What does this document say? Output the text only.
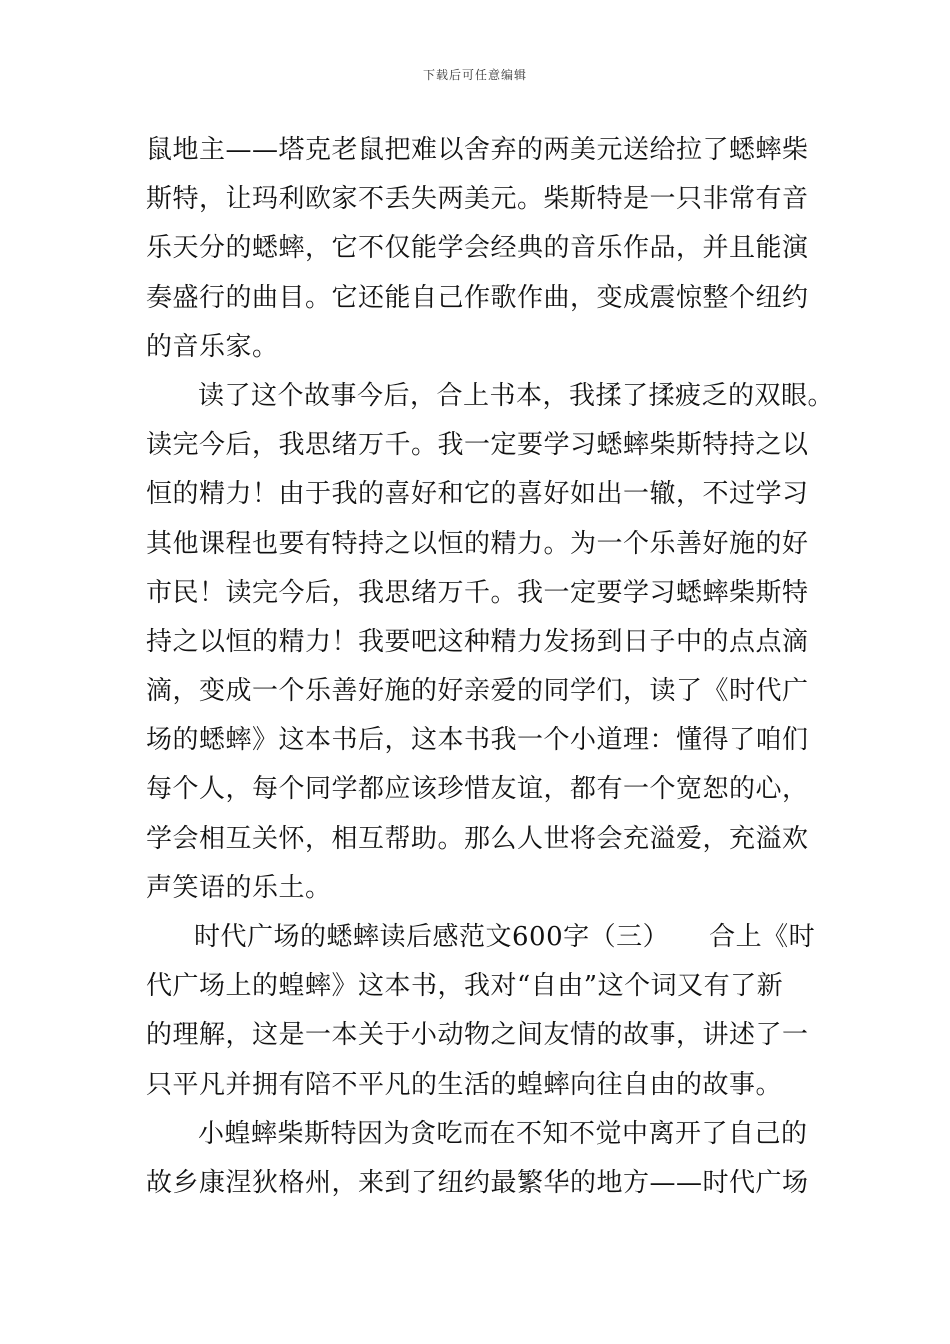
下载后可任意编辑
鼠地主——塔克老鼠把难以舍弃的两美元送给拉了蟋蟀柴
斯特，让玛利欧家不丢失两美元。柴斯特是一只非常有音
乐天分的蟋蟀，它不仅能学会经典的音乐作品，并且能演
奏盛行的曲目。它还能自己作歌作曲，变成震惊整个纽约
的音乐家。
读了这个故事今后，合上书本，我揉了揉疲乏的双眼。
读完今后，我思绪万千。我一定要学习蟋蟀柴斯特持之以
恒的精力！由于我的喜好和它的喜好如出一辙，不过学习
其他课程也要有特持之以恒的精力。为一个乐善好施的好
市民！读完今后，我思绪万千。我一定要学习蟋蟀柴斯特
持之以恒的精力！我要吧这种精力发扬到日子中的点点滴
滴，变成一个乐善好施的好亲爱的同学们，读了《时代广
场的蟋蟀》这本书后，这本书我一个小道理：懂得了咱们
每个人，每个同学都应该珍惜友谊，都有一个宽恕的心，
学会相互关怀，相互帮助。那么人世将会充溢爱，充溢欢
声笑语的乐土。
时代广场的蟋蟀读后感范文600字（三）　　合上《时
代广场上的蝗蟀》这本书，我对“自由”这个词又有了新
的理解，这是一本关于小动物之间友情的故事，讲述了一
只平凡并拥有陪不平凡的生活的蝗蟀向往自由的故事。
小蝗蟀柴斯特因为贪吃而在不知不觉中离开了自己的
故乡康涅狄格州，来到了纽约最繁华的地方——时代广场
